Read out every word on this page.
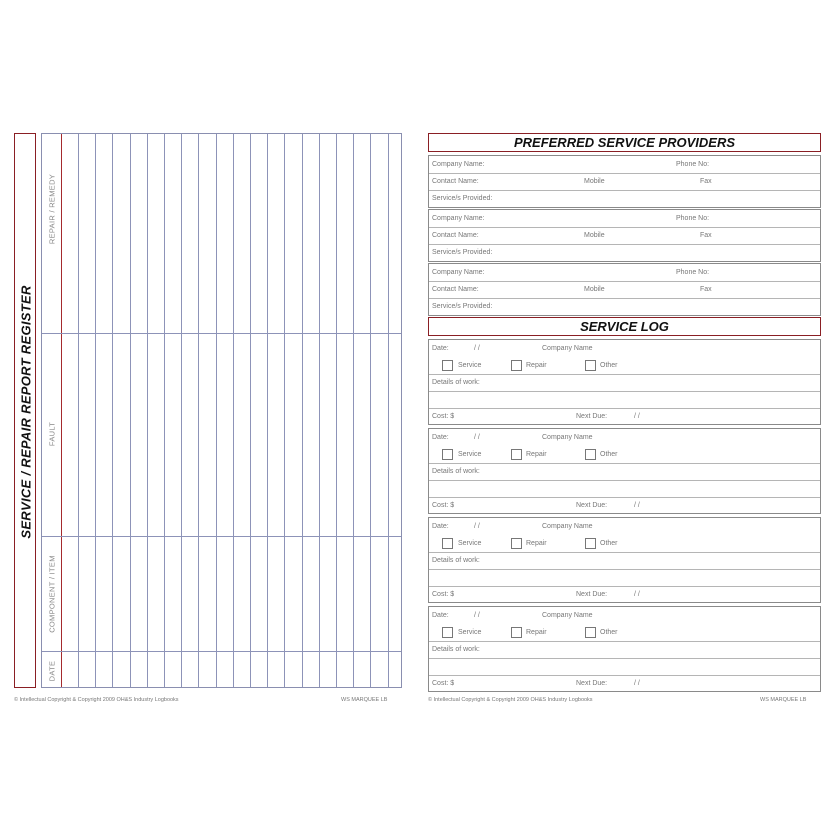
SERVICE / REPAIR REPORT REGISTER
REPAIR / REMEDY
FAULT
COMPONENT / ITEM
DATE
© Intellectual Copyright & Copyright 2009 OH&S Industry Logbooks	WS MARQUEE LB
PREFERRED SERVICE PROVIDERS
Company Name:	Phone No:
Contact Name:	Mobile	Fax
Service/s Provided:
Company Name:	Phone No:
Contact Name:	Mobile	Fax
Service/s Provided:
Company Name:	Phone No:
Contact Name:	Mobile	Fax
Service/s Provided:
SERVICE LOG
Date:	/ /	Company Name
Service	Repair	Other
Details of work:
Cost: $	Next Due:	/ /
Date:	/ /	Company Name
Service	Repair	Other
Details of work:
Cost: $	Next Due:	/ /
Date:	/ /	Company Name
Service	Repair	Other
Details of work:
Cost: $	Next Due:	/ /
Date:	/ /	Company Name
Service	Repair	Other
Details of work:
Cost: $	Next Due:	/ /
© Intellectual Copyright & Copyright 2009 OH&S Industry Logbooks	WS MARQUEE LB
